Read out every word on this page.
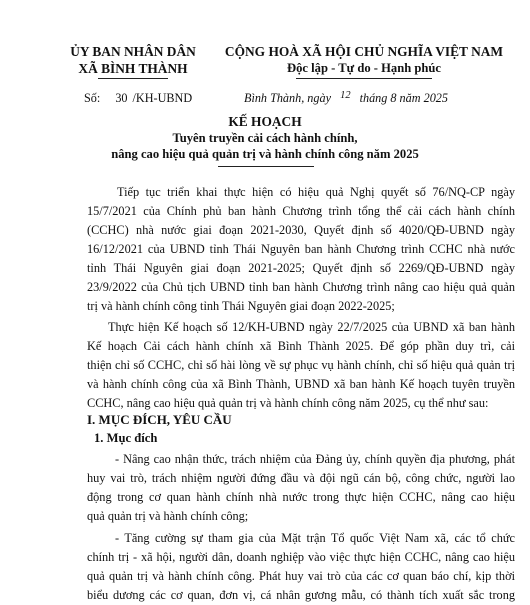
ỦY BAN NHÂN DÂN
XÃ BÌNH THÀNH
CỘNG HOÀ XÃ HỘI CHỦ NGHĨA VIỆT NAM
Độc lập - Tự do - Hạnh phúc
Số: 30 /KH-UBND	Bình Thành, ngày 12 tháng 8 năm 2025
KẾ HOẠCH
Tuyên truyền cải cách hành chính,
nâng cao hiệu quả quản trị và hành chính công năm 2025
Tiếp tục triển khai thực hiện có hiệu quả Nghị quyết số 76/NQ-CP ngày
15/7/2021 của Chính phủ ban hành Chương trình tổng thể cải cách hành chính
(CCHC) nhà nước giai đoạn 2021-2030, Quyết định số 4020/QĐ-UBND ngày
16/12/2021 của UBND tỉnh Thái Nguyên ban hành Chương trình CCHC nhà nước
tỉnh Thái Nguyên giai đoạn 2021-2025; Quyết định số 2269/QĐ-UBND ngày
23/9/2022 của Chủ tịch UBND tỉnh ban hành Chương trình nâng cao hiệu quả quản
trị và hành chính công tỉnh Thái Nguyên giai đoạn 2022-2025;
Thực hiện Kế hoạch số 12/KH-UBND ngày 22/7/2025 của UBND xã ban hành
Kế hoạch Cải cách hành chính xã Bình Thành 2025. Để góp phần duy trì, cải
thiện chỉ số CCHC, chỉ số hài lòng về sự phục vụ hành chính, chỉ số hiệu quả quản trị
và hành chính công của xã Bình Thành, UBND xã ban hành Kế hoạch tuyên truyền
CCHC, nâng cao hiệu quả quản trị và hành chính công năm 2025, cụ thể như sau:
I. MỤC ĐÍCH, YÊU CẦU
1. Mục đích
- Nâng cao nhận thức, trách nhiệm của Đảng ủy, chính quyền địa phương, phát
huy vai trò, trách nhiệm người đứng đầu và đội ngũ cán bộ, công chức, người lao
động trong cơ quan hành chính nhà nước trong thực hiện CCHC, nâng cao hiệu
quả quản trị và hành chính công;
- Tăng cường sự tham gia của Mặt trận Tổ quốc Việt Nam xã, các tổ chức
chính trị - xã hội, người dân, doanh nghiệp vào việc thực hiện CCHC, nâng cao hiệu
quả quản trị và hành chính công. Phát huy vai trò của các cơ quan báo chí, kịp thời
biểu dương các cơ quan, đơn vị, cá nhân gương mẫu, có thành tích xuất sắc trong
